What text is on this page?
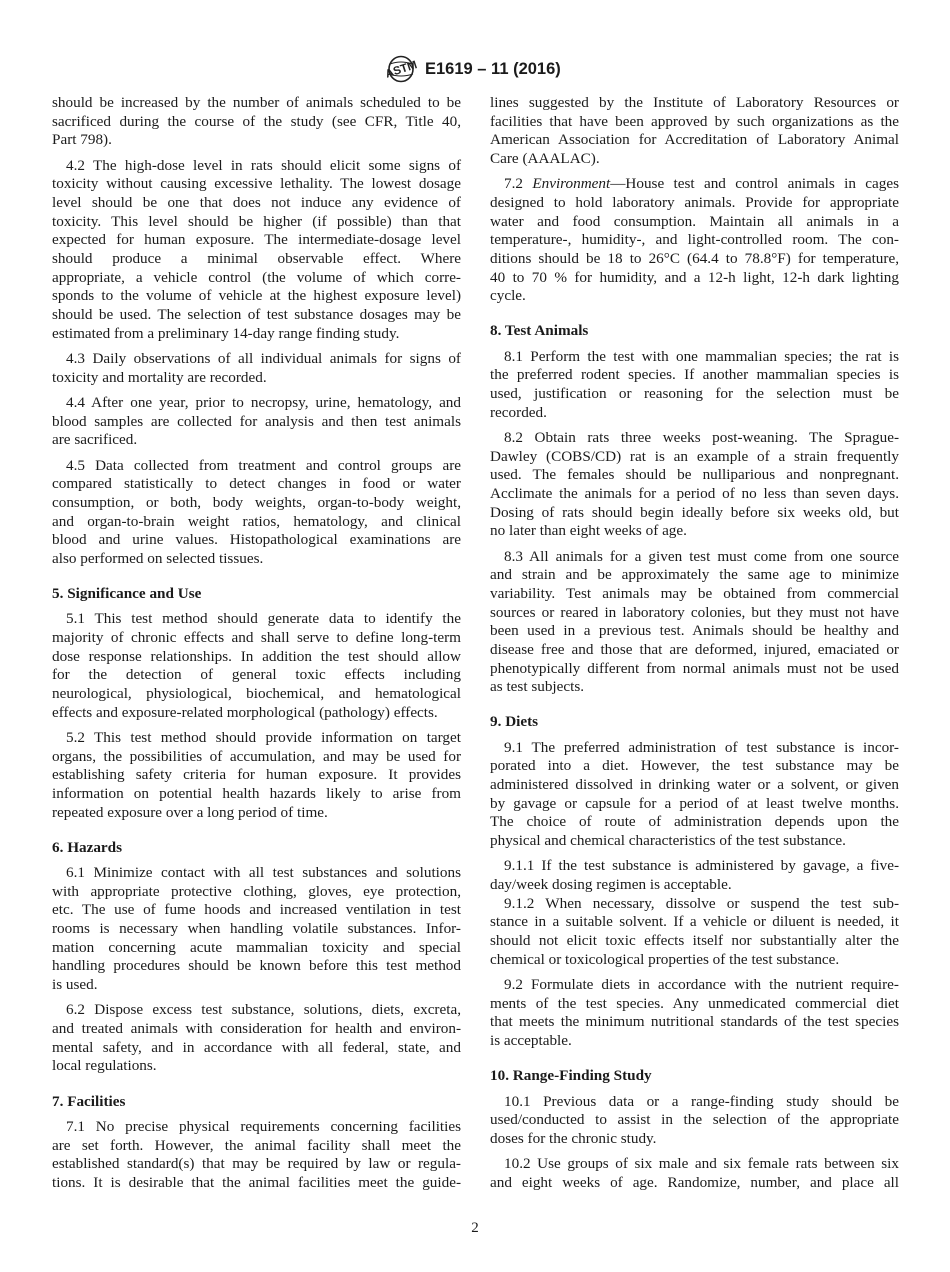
ASTM E1619 – 11 (2016)
should be increased by the number of animals scheduled to be
sacrificed during the course of the study (see CFR, Title 40,
Part 798).
4.2 The high-dose level in rats should elicit some signs of
toxicity without causing excessive lethality. The lowest dosage
level should be one that does not induce any evidence of
toxicity. This level should be higher (if possible) than that
expected for human exposure. The intermediate-dosage level
should produce a minimal observable effect. Where
appropriate, a vehicle control (the volume of which corre-
sponds to the volume of vehicle at the highest exposure level)
should be used. The selection of test substance dosages may be
estimated from a preliminary 14-day range finding study.
4.3 Daily observations of all individual animals for signs of
toxicity and mortality are recorded.
4.4 After one year, prior to necropsy, urine, hematology, and
blood samples are collected for analysis and then test animals
are sacrificed.
4.5 Data collected from treatment and control groups are
compared statistically to detect changes in food or water
consumption, or both, body weights, organ-to-body weight,
and organ-to-brain weight ratios, hematology, and clinical
blood and urine values. Histopathological examinations are
also performed on selected tissues.
5. Significance and Use
5.1 This test method should generate data to identify the
majority of chronic effects and shall serve to define long-term
dose response relationships. In addition the test should allow
for the detection of general toxic effects including
neurological, physiological, biochemical, and hematological
effects and exposure-related morphological (pathology) effects.
5.2 This test method should provide information on target
organs, the possibilities of accumulation, and may be used for
establishing safety criteria for human exposure. It provides
information on potential health hazards likely to arise from
repeated exposure over a long period of time.
6. Hazards
6.1 Minimize contact with all test substances and solutions
with appropriate protective clothing, gloves, eye protection,
etc. The use of fume hoods and increased ventilation in test
rooms is necessary when handling volatile substances. Infor-
mation concerning acute mammalian toxicity and special
handling procedures should be known before this test method
is used.
6.2 Dispose excess test substance, solutions, diets, excreta,
and treated animals with consideration for health and environ-
mental safety, and in accordance with all federal, state, and
local regulations.
7. Facilities
7.1 No precise physical requirements concerning facilities
are set forth. However, the animal facility shall meet the
established standard(s) that may be required by law or regula-
tions. It is desirable that the animal facilities meet the guide-
lines suggested by the Institute of Laboratory Resources or
facilities that have been approved by such organizations as the
American Association for Accreditation of Laboratory Animal
Care (AAALAC).
7.2 Environment—House test and control animals in cages
designed to hold laboratory animals. Provide for appropriate
water and food consumption. Maintain all animals in a
temperature-, humidity-, and light-controlled room. The con-
ditions should be 18 to 26°C (64.4 to 78.8°F) for temperature,
40 to 70 % for humidity, and a 12-h light, 12-h dark lighting
cycle.
8. Test Animals
8.1 Perform the test with one mammalian species; the rat is
the preferred rodent species. If another mammalian species is
used, justification or reasoning for the selection must be
recorded.
8.2 Obtain rats three weeks post-weaning. The Sprague-
Dawley (COBS/CD) rat is an example of a strain frequently
used. The females should be nulliparious and nonpregnant.
Acclimate the animals for a period of no less than seven days.
Dosing of rats should begin ideally before six weeks old, but
no later than eight weeks of age.
8.3 All animals for a given test must come from one source
and strain and be approximately the same age to minimize
variability. Test animals may be obtained from commercial
sources or reared in laboratory colonies, but they must not have
been used in a previous test. Animals should be healthy and
disease free and those that are deformed, injured, emaciated or
phenotypically different from normal animals must not be used
as test subjects.
9. Diets
9.1 The preferred administration of test substance is incor-
porated into a diet. However, the test substance may be
administered dissolved in drinking water or a solvent, or given
by gavage or capsule for a period of at least twelve months.
The choice of route of administration depends upon the
physical and chemical characteristics of the test substance.
9.1.1 If the test substance is administered by gavage, a five-
day/week dosing regimen is acceptable.
9.1.2 When necessary, dissolve or suspend the test sub-
stance in a suitable solvent. If a vehicle or diluent is needed, it
should not elicit toxic effects itself nor substantially alter the
chemical or toxicological properties of the test substance.
9.2 Formulate diets in accordance with the nutrient require-
ments of the test species. Any unmedicated commercial diet
that meets the minimum nutritional standards of the test species
is acceptable.
10. Range-Finding Study
10.1 Previous data or a range-finding study should be
used/conducted to assist in the selection of the appropriate
doses for the chronic study.
10.2 Use groups of six male and six female rats between six
and eight weeks of age. Randomize, number, and place all
2
